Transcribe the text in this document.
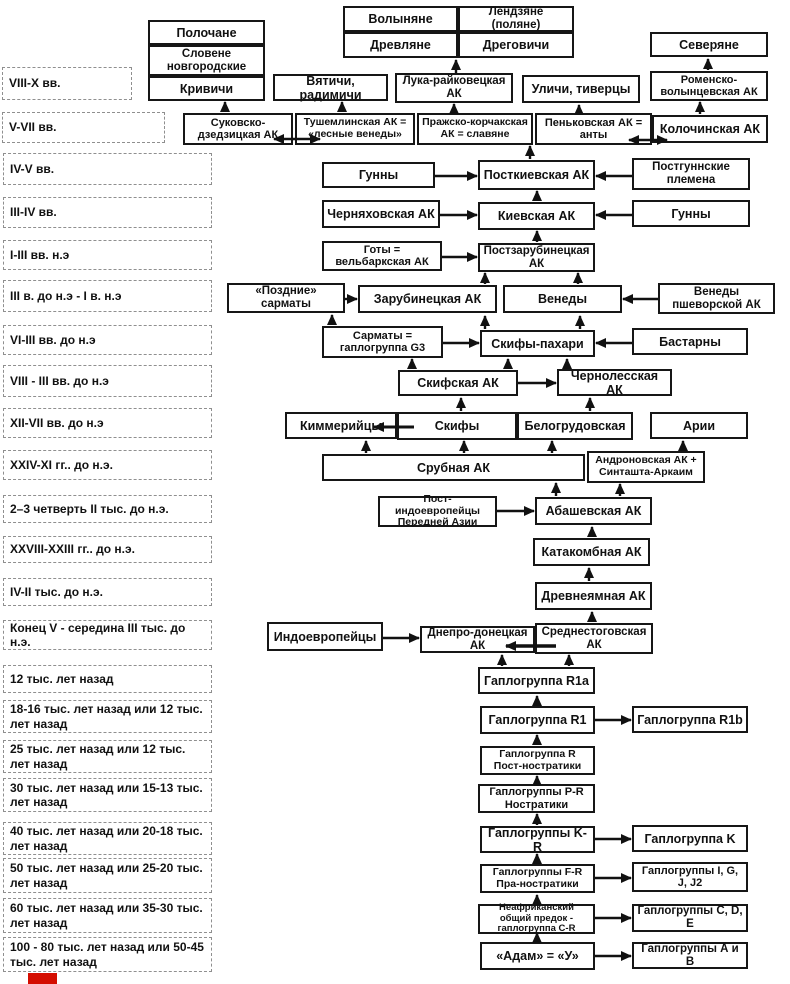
VIII-X вв.
V-VII вв.
IV-V вв.
III-IV вв.
I-III вв. н.э
III в. до н.э - I в. н.э
VI-III вв. до н.э
VIII - III вв. до н.э
XII-VII вв. до н.э
XXIV-XI гг.. до н.э.
2–3 четверть II тыс. до н.э.
XXVIII-XXIII гг.. до н.э.
IV-II тыс. до н.э.
Конец V - середина III тыс. до н.э.
12 тыс. лет назад
18-16 тыс. лет назад или 12 тыс. лет назад
25 тыс. лет назад или 12 тыс. лет назад
30 тыс. лет назад или 15-13 тыс. лет назад
40 тыс. лет назад или 20-18 тыс. лет назад
50 тыс. лет назад или 25-20 тыс. лет назад
60 тыс. лет назад или 35-30 тыс. лет назад
100 - 80 тыс. лет назад или 50-45 тыс. лет назад
Полочане
Словене новгородские
Кривичи
Волыняне	Лендзяне (поляне)
Древляне	Дреговичи	Северяне
Вятичи, радимичи
Лука-райковецкая АК	Уличи, тиверцы
Роменско-волынцевская АК
Суковско-дзедзицкая АК
Тушемлинская АК = «лесные венеды»
Пражско-корчакская АК = славяне
Пеньковская АК = анты	Колочинская АК
Гунны	Посткиевская АК
Постгуннские племена
Черняховская АК	Киевская АК	Гунны
Готы = вельбаркская АК
Постзарубинецкая АК
«Поздние» сарматы	Зарубинецкая АК	Венеды
Венеды пшеворской АК
Сарматы = гаплогруппа G3	Скифы-пахари	Бастарны
Скифская АК
Чернолесская АК
Киммерийцы	Скифы	Белогрудовская	Арии
Срубная АК
Андроновская АК + Синташта-Аркаим
Пост-индоевропейцы Передней Азии
Абашевская АК
Катакомбная АК
Древнеямная АК
Индоевропейцы	Днепро-донецкая АК
Среднестоговская АК
Гаплогруппа R1a
Гаплогруппа R1	Гаплогруппа R1b
Гаплогруппа R Пост-ностратики
Гаплогруппы P-R Ностратики
Гаплогруппы K-R
Гаплогруппа K
Гаплогруппы F-R Пра-ностратики
Гаплогруппы I, G, J, J2
Неафриканский общий предок - гаплогруппа C-R
Гаплогруппы C, D, E
«Адам» = «У»
Гаплогруппы А и В
